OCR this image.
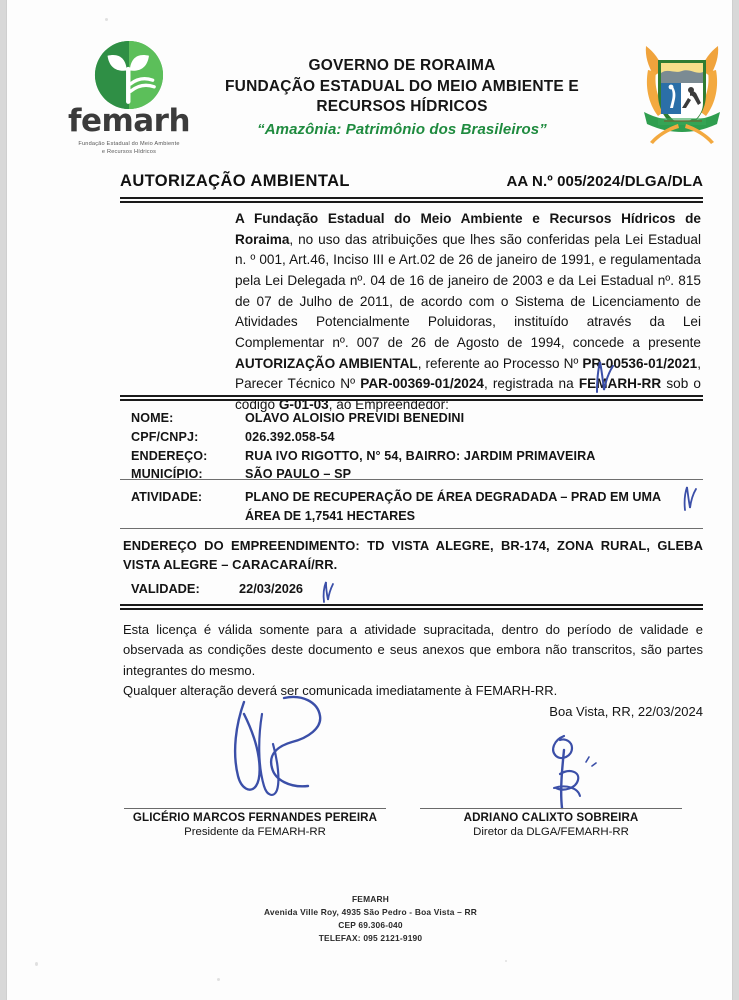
femarh
Fundação Estadual do Meio Ambiente
e Recursos Hídricos
GOVERNO DE RORAIMA
FUNDAÇÃO ESTADUAL DO MEIO AMBIENTE E
RECURSOS HÍDRICOS
“Amazônia: Patrimônio dos Brasileiros”
AUTORIZAÇÃO AMBIENTAL	AA N.º 005/2024/DLGA/DLA
A Fundação Estadual do Meio Ambiente e Recursos Hídricos de Roraima, no uso das atribuições que lhes são conferidas pela Lei Estadual n. º 001, Art.46, Inciso III e Art.02 de 26 de janeiro de 1991, e regulamentada pela Lei Delegada nº. 04 de 16 de janeiro de 2003 e da Lei Estadual nº. 815 de 07 de Julho de 2011, de acordo com o Sistema de Licenciamento de Atividades Potencialmente Poluidoras, instituído através da Lei Complementar nº. 007 de 26 de Agosto de 1994, concede a presente AUTORIZAÇÃO AMBIENTAL, referente ao Processo Nº PR-00536-01/2021, Parecer Técnico Nº PAR-00369-01/2024, registrada na FEMARH-RR sob o código G-01-03, ao Empreendedor:
NOME:	OLAVO ALOISIO PREVIDI BENEDINI
CPF/CNPJ:	026.392.058-54
ENDEREÇO:	RUA IVO RIGOTTO, N° 54, BAIRRO: JARDIM PRIMAVEIRA
MUNICÍPIO:	SÃO PAULO – SP
ATIVIDADE:	PLANO DE RECUPERAÇÃO DE ÁREA DEGRADADA – PRAD EM UMA
ÁREA DE 1,7541 HECTARES
ENDEREÇO DO EMPREENDIMENTO: TD VISTA ALEGRE, BR-174, ZONA RURAL, GLEBA VISTA ALEGRE – CARACARAÍ/RR.
VALIDADE:	22/03/2026
Esta licença é válida somente para a atividade supracitada, dentro do período de validade e observada as condições deste documento e seus anexos que embora não transcritos, são partes integrantes do mesmo.
Qualquer alteração deverá ser comunicada imediatamente à FEMARH-RR.
Boa Vista, RR, 22/03/2024
GLICÉRIO MARCOS FERNANDES PEREIRA
Presidente da FEMARH-RR
ADRIANO CALIXTO SOBREIRA
Diretor da DLGA/FEMARH-RR
FEMARH
Avenida Ville Roy, 4935 São Pedro - Boa Vista – RR
CEP 69.306-040
TELEFAX: 095 2121-9190
